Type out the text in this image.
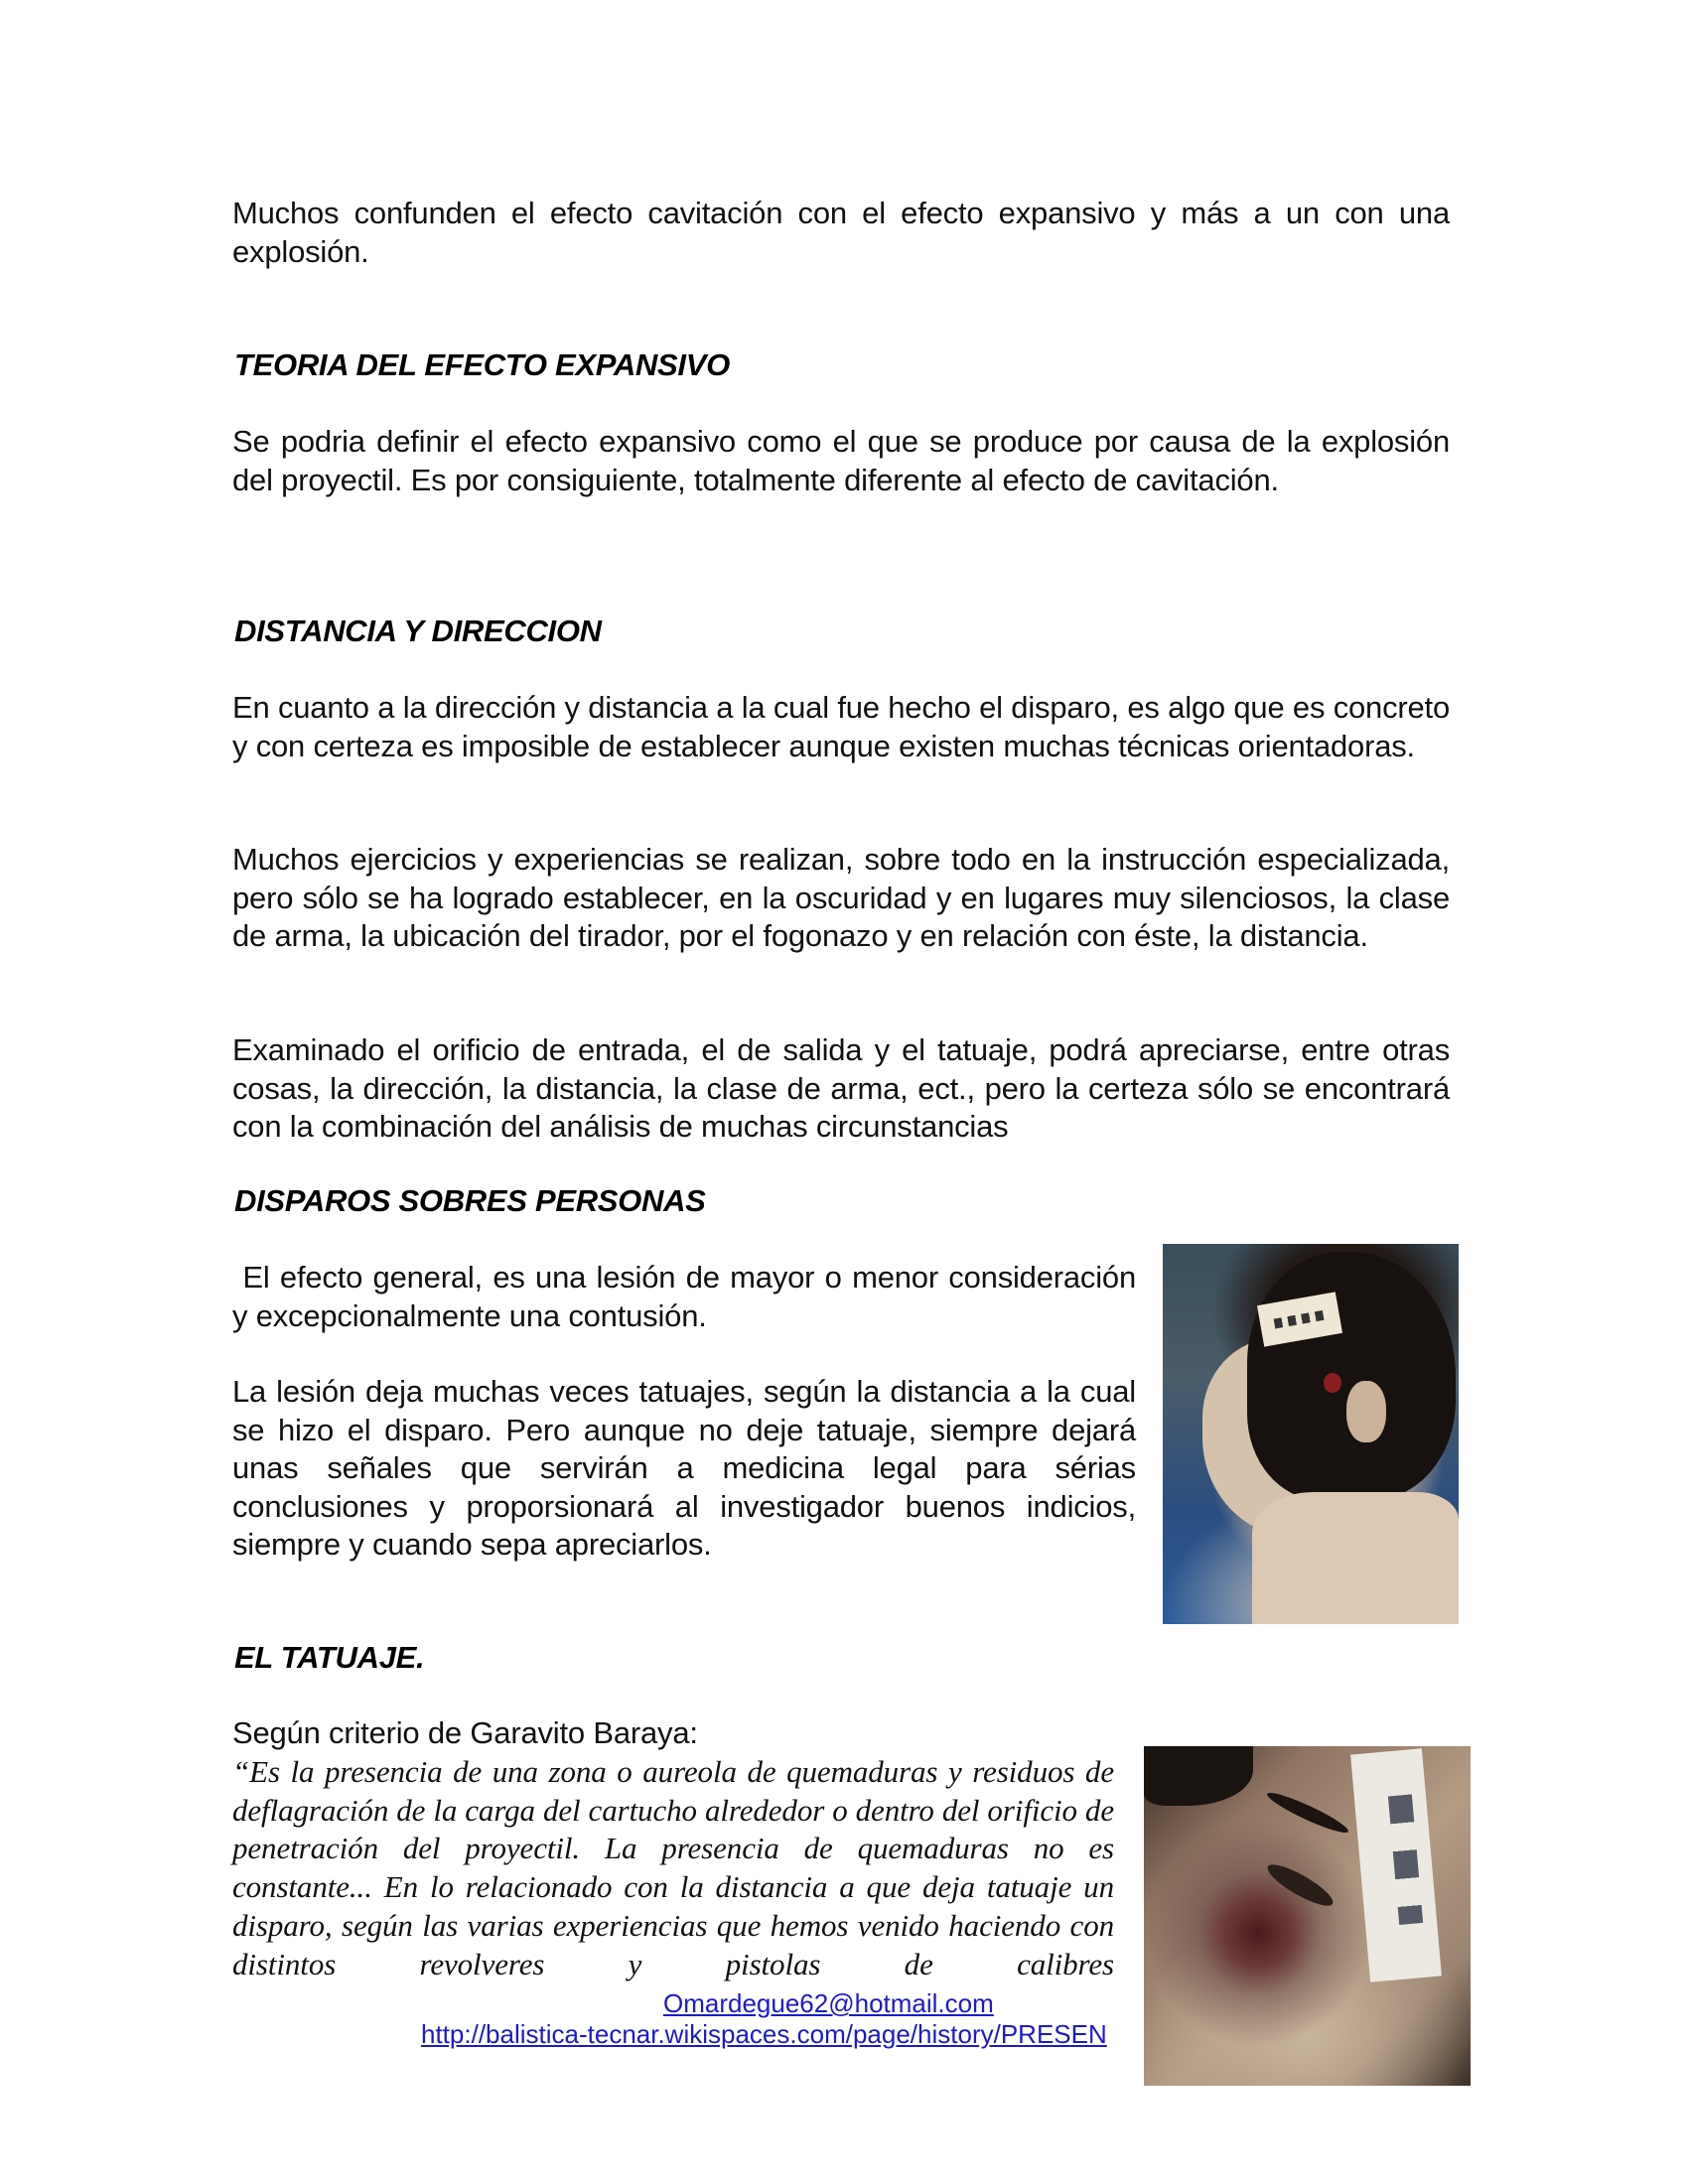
Muchos confunden el efecto cavitación con el efecto expansivo y más a un con una explosión.
TEORIA DEL EFECTO EXPANSIVO
Se podria definir el efecto expansivo como el que se produce por causa de la explosión del proyectil. Es por consiguiente, totalmente diferente al efecto de cavitación.
DISTANCIA Y DIRECCION
En cuanto a la dirección y distancia a la cual fue hecho el disparo, es algo que es concreto y con certeza es imposible de establecer aunque existen muchas técnicas orientadoras.
Muchos ejercicios y experiencias se realizan, sobre todo en la instrucción especializada, pero sólo se ha logrado establecer, en la oscuridad y en lugares muy silenciosos, la clase de arma, la ubicación del tirador, por el fogonazo y en relación con éste, la distancia.
Examinado el orificio de entrada, el de salida y el tatuaje, podrá apreciarse, entre otras cosas, la dirección, la distancia, la clase de arma, ect., pero la certeza sólo se encontrará con la combinación del análisis de muchas circunstancias
DISPAROS SOBRES PERSONAS
El efecto general, es una lesión de mayor o menor consideración y excepcionalmente una contusión.
La lesión deja muchas veces tatuajes, según la distancia a la cual se hizo el disparo. Pero aunque no deje tatuaje, siempre dejará unas señales que servirán a medicina legal para sérias conclusiones y proporsionará al investigador buenos indicios, siempre y cuando sepa apreciarlos.
EL TATUAJE.
Según criterio de Garavito Baraya:
“Es la presencia de una zona o aureola de quemaduras y residuos de deflagración de la carga del cartucho alrededor o dentro del orificio de penetración del proyectil. La presencia de quemaduras no es constante... En lo relacionado con la distancia a que deja tatuaje un disparo, según las varias experiencias que hemos venido haciendo con distintos revolveres y pistolas de calibres
Omardegue62@hotmail.com
http://balistica-tecnar.wikispaces.com/page/history/PRESEN
